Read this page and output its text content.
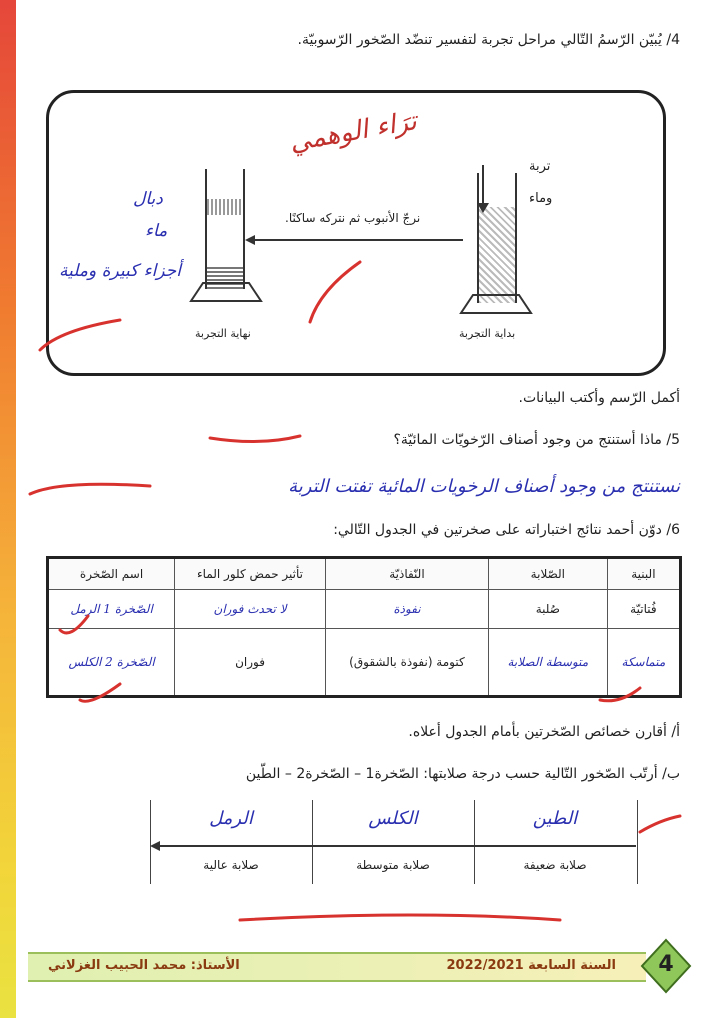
4/ يُبيّن الرّسمُ التّالي مراحل تجربة لتفسير تنضّد الصّخور الرّسوبيّة.
ترَاء الوهمي
تربة
وماء
بداية التجربة
نرجّ الأنبوب ثم نتركه ساكنًا.
دبال
ماء
أجزاء كبيرة وملية
نهاية التجربة
أكمل الرّسم وأكتب البيانات.
5/ ماذا أستنتج من وجود أصناف الرّخويّات المائيّة؟
نستنتج من وجود أصناف الرخويات المائية تفتت التربة
6/ دوّن أحمد نتائج اختباراته على صخرتين في الجدول التّالي:
البنية	الصّلابة	النّفاذيّة	تأثير حمض كلور الماء	اسم الصّخرة
فُتاتيّة	صُلبة	نفوذة	لا تحدث فوران	الصّخرة 1 الرمل
متماسكة	متوسطة الصلابة	كتومة (نفوذة بالشقوق)	فوران	الصّخرة 2 الكلس
أ/ أقارن خصائص الصّخرتين بأمام الجدول أعلاه.
ب/ أرتّب الصّخور التّالية حسب درجة صلابتها: الصّخرة1 – الصّخرة2 – الطّين
الطين
الكلس
الرمل
صلابة ضعيفة
صلابة متوسطة
صلابة عالية
السنة السابعة 2022/2021
الأستاذ: محمد الحبيب الغزلاني	4
